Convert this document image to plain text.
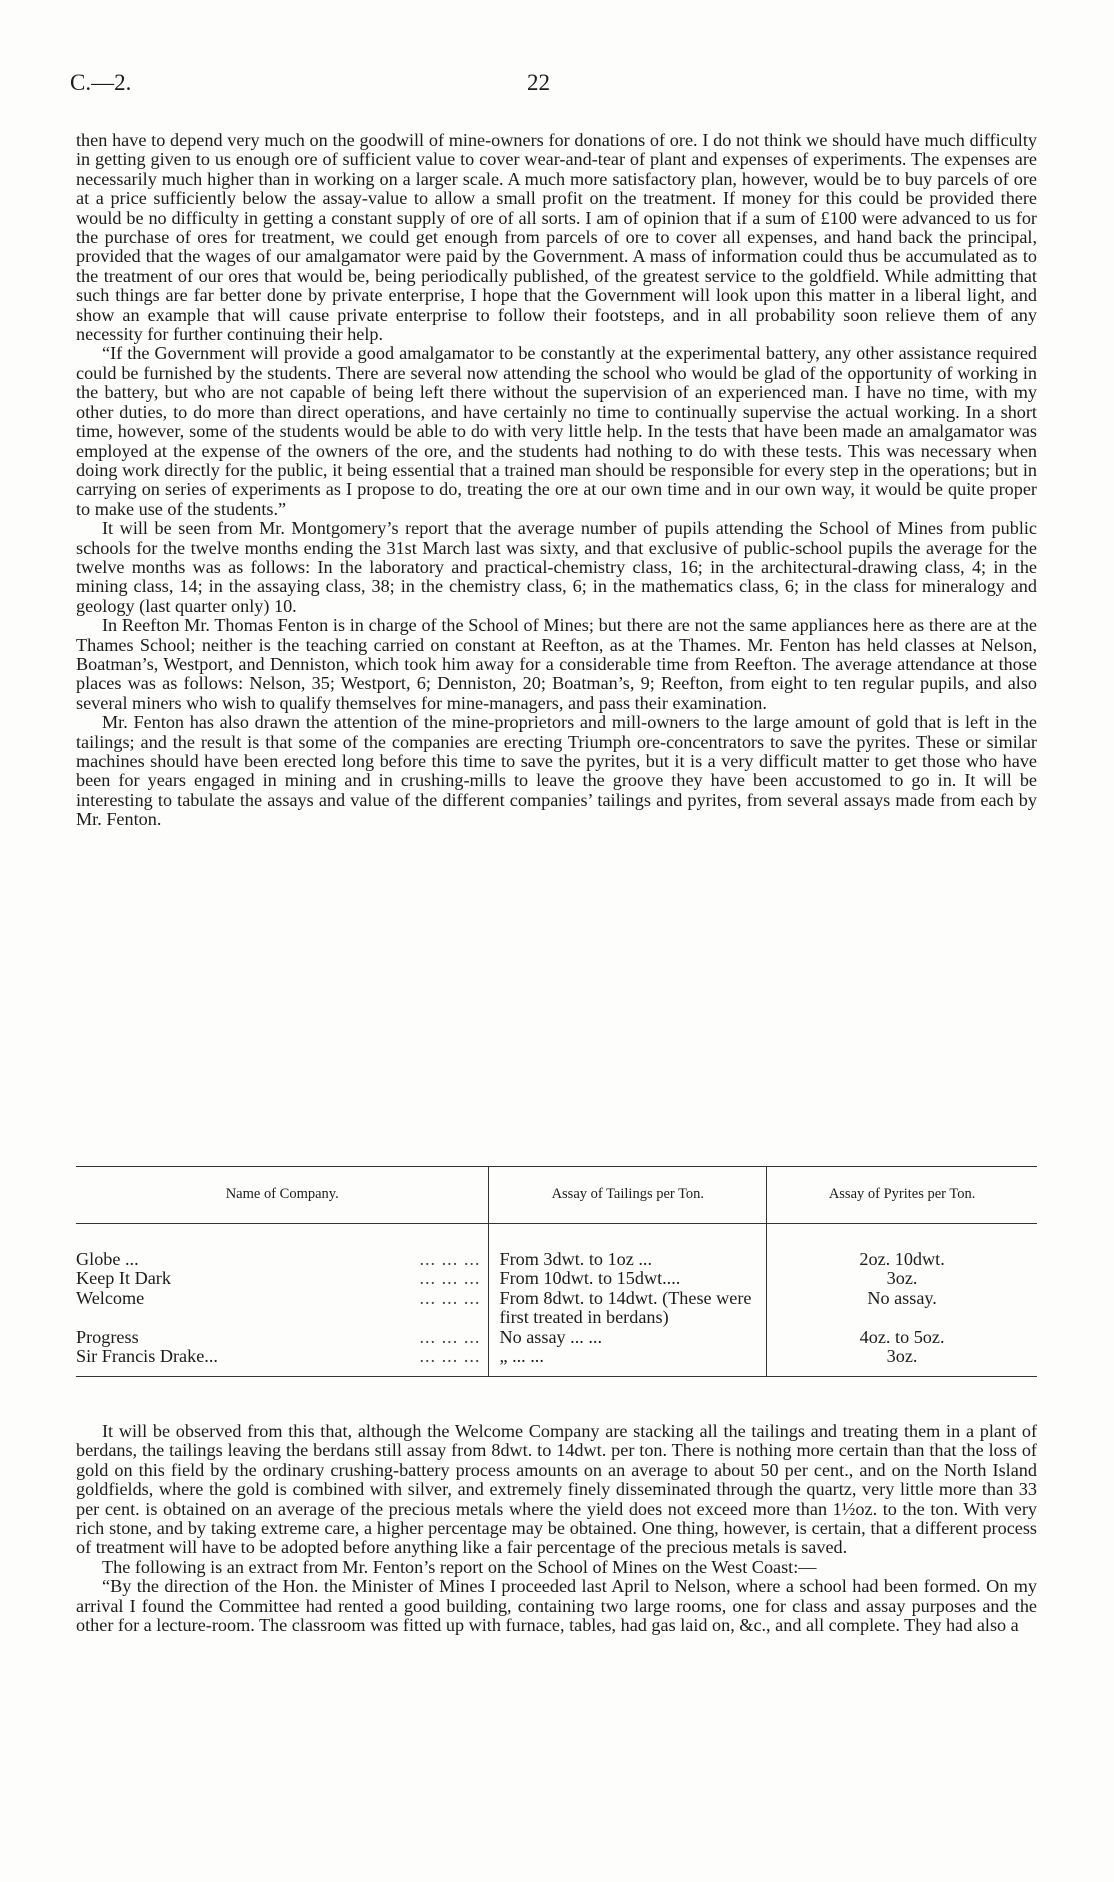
C.—2.	22

then have to depend very much on the goodwill of mine-owners for donations of ore. I do not think we should have much difficulty in getting given to us enough ore of sufficient value to cover wear-and-tear of plant and expenses of experiments. The expenses are necessarily much higher than in working on a larger scale. A much more satisfactory plan, however, would be to buy parcels of ore at a price sufficiently below the assay-value to allow a small profit on the treatment. If money for this could be provided there would be no difficulty in getting a constant supply of ore of all sorts. I am of opinion that if a sum of £100 were advanced to us for the purchase of ores for treatment, we could get enough from parcels of ore to cover all expenses, and hand back the principal, provided that the wages of our amalgamator were paid by the Government. A mass of information could thus be accumulated as to the treatment of our ores that would be, being periodically published, of the greatest service to the goldfield. While admitting that such things are far better done by private enterprise, I hope that the Government will look upon this matter in a liberal light, and show an example that will cause private enterprise to follow their footsteps, and in all probability soon relieve them of any necessity for further continuing their help.

“If the Government will provide a good amalgamator to be constantly at the experimental battery, any other assistance required could be furnished by the students. There are several now attending the school who would be glad of the opportunity of working in the battery, but who are not capable of being left there without the supervision of an experienced man. I have no time, with my other duties, to do more than direct operations, and have certainly no time to continually supervise the actual working. In a short time, however, some of the students would be able to do with very little help. In the tests that have been made an amalgamator was employed at the expense of the owners of the ore, and the students had nothing to do with these tests. This was necessary when doing work directly for the public, it being essential that a trained man should be responsible for every step in the operations; but in carrying on series of experiments as I propose to do, treating the ore at our own time and in our own way, it would be quite proper to make use of the students.”

It will be seen from Mr. Montgomery’s report that the average number of pupils attending the School of Mines from public schools for the twelve months ending the 31st March last was sixty, and that exclusive of public-school pupils the average for the twelve months was as follows: In the laboratory and practical-chemistry class, 16; in the architectural-drawing class, 4; in the mining class, 14; in the assaying class, 38; in the chemistry class, 6; in the mathematics class, 6; in the class for mineralogy and geology (last quarter only) 10.

In Reefton Mr. Thomas Fenton is in charge of the School of Mines; but there are not the same appliances here as there are at the Thames School; neither is the teaching carried on constant at Reefton, as at the Thames. Mr. Fenton has held classes at Nelson, Boatman’s, Westport, and Denniston, which took him away for a considerable time from Reefton. The average attendance at those places was as follows: Nelson, 35; Westport, 6; Denniston, 20; Boatman’s, 9; Reefton, from eight to ten regular pupils, and also several miners who wish to qualify themselves for mine-managers, and pass their examination.

Mr. Fenton has also drawn the attention of the mine-proprietors and mill-owners to the large amount of gold that is left in the tailings; and the result is that some of the companies are erecting Triumph ore-concentrators to save the pyrites. These or similar machines should have been erected long before this time to save the pyrites, but it is a very difficult matter to get those who have been for years engaged in mining and in crushing-mills to leave the groove they have been accustomed to go in. It will be interesting to tabulate the assays and value of the different companies’ tailings and pyrites, from several assays made from each by Mr. Fenton.

Name of Company.	Assay of Tailings per Ton.	Assay of Pyrites per Ton.

Globe ... ... ... ...	From 3dwt. to 1oz ...	2oz. 10dwt.

Keep It Dark ... ... ...	From 10dwt. to 15dwt....	3oz.

Welcome ... ... ...	From 8dwt. to 14dwt. (These were first treated in berdans)	No assay.

Progress ... ... ...	No assay ... ...	4oz. to 5oz.

Sir Francis Drake... ... ... ...	„ ... ...	3oz.

It will be observed from this that, although the Welcome Company are stacking all the tailings and treating them in a plant of berdans, the tailings leaving the berdans still assay from 8dwt. to 14dwt. per ton. There is nothing more certain than that the loss of gold on this field by the ordinary crushing-battery process amounts on an average to about 50 per cent., and on the North Island goldfields, where the gold is combined with silver, and extremely finely disseminated through the quartz, very little more than 33 per cent. is obtained on an average of the precious metals where the yield does not exceed more than 1½oz. to the ton. With very rich stone, and by taking extreme care, a higher percentage may be obtained. One thing, however, is certain, that a different process of treatment will have to be adopted before anything like a fair percentage of the precious metals is saved.

The following is an extract from Mr. Fenton’s report on the School of Mines on the West Coast:—

“By the direction of the Hon. the Minister of Mines I proceeded last April to Nelson, where a school had been formed. On my arrival I found the Committee had rented a good building, containing two large rooms, one for class and assay purposes and the other for a lecture-room. The classroom was fitted up with furnace, tables, had gas laid on, &c., and all complete. They had also a
